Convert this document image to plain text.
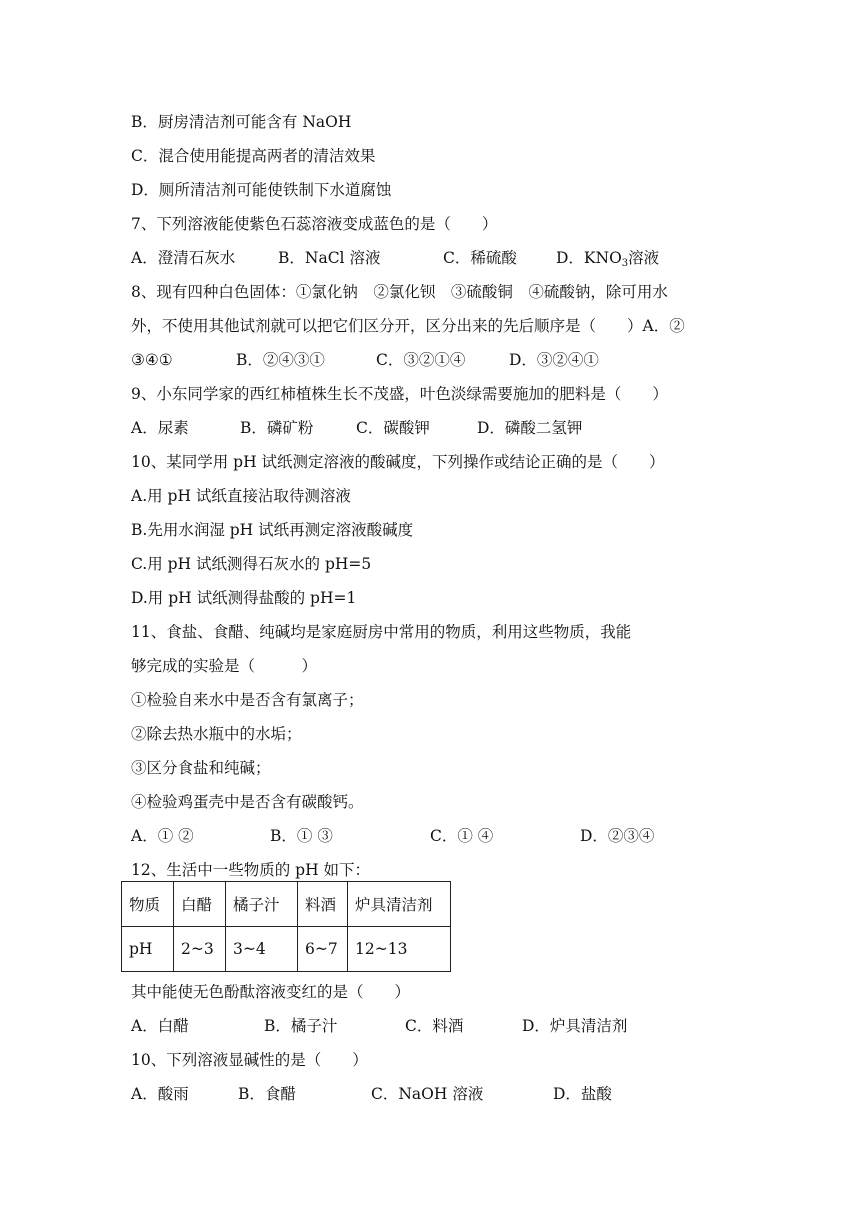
B．厨房清洁剂可能含有 NaOH
C．混合使用能提高两者的清洁效果
D．厕所清洁剂可能使铁制下水道腐蚀
7、下列溶液能使紫色石蕊溶液变成蓝色的是（　　）
A．澄清石灰水	B．NaCl 溶液	C．稀硫酸	D．$KNO_3$溶液
8、现有四种白色固体：①氯化钠　②氯化钡　③硫酸铜　④硫酸钠，除可用水
外，不使用其他试剂就可以把它们区分开，区分出来的先后顺序是（　　）A．②
③④①	B．②④③①	C．③②①④	D．③②④①
9、小东同学家的西红柿植株生长不茂盛，叶色淡绿需要施加的肥料是（　　）
A．尿素	B．磷矿粉	C．碳酸钾	D．磷酸二氢钾
10、某同学用 pH 试纸测定溶液的酸碱度，下列操作或结论正确的是（　　）
A.用 pH 试纸直接沾取待测溶液
B.先用水润湿 pH 试纸再测定溶液酸碱度
C.用 pH 试纸测得石灰水的 pH=5
D.用 pH 试纸测得盐酸的 pH=1
11、食盐、食醋、纯碱均是家庭厨房中常用的物质，利用这些物质，我能
够完成的实验是（　　　）
①检验自来水中是否含有氯离子；
②除去热水瓶中的水垢；
③区分食盐和纯碱；
④检验鸡蛋壳中是否含有碳酸钙。
A．① ②	B．① ③	C．① ④	D．②③④
12、生活中一些物质的 pH 如下：
物质	白醋	橘子汁	料酒	炉具清洁剂
pH	2~3	3~4	6~7	12~13
其中能使无色酚酞溶液变红的是（　　）
A．白醋	B．橘子汁	C．料酒	D．炉具清洁剂
10、下列溶液显碱性的是（　　）
A．酸雨	B．食醋	C．NaOH 溶液	D．盐酸
